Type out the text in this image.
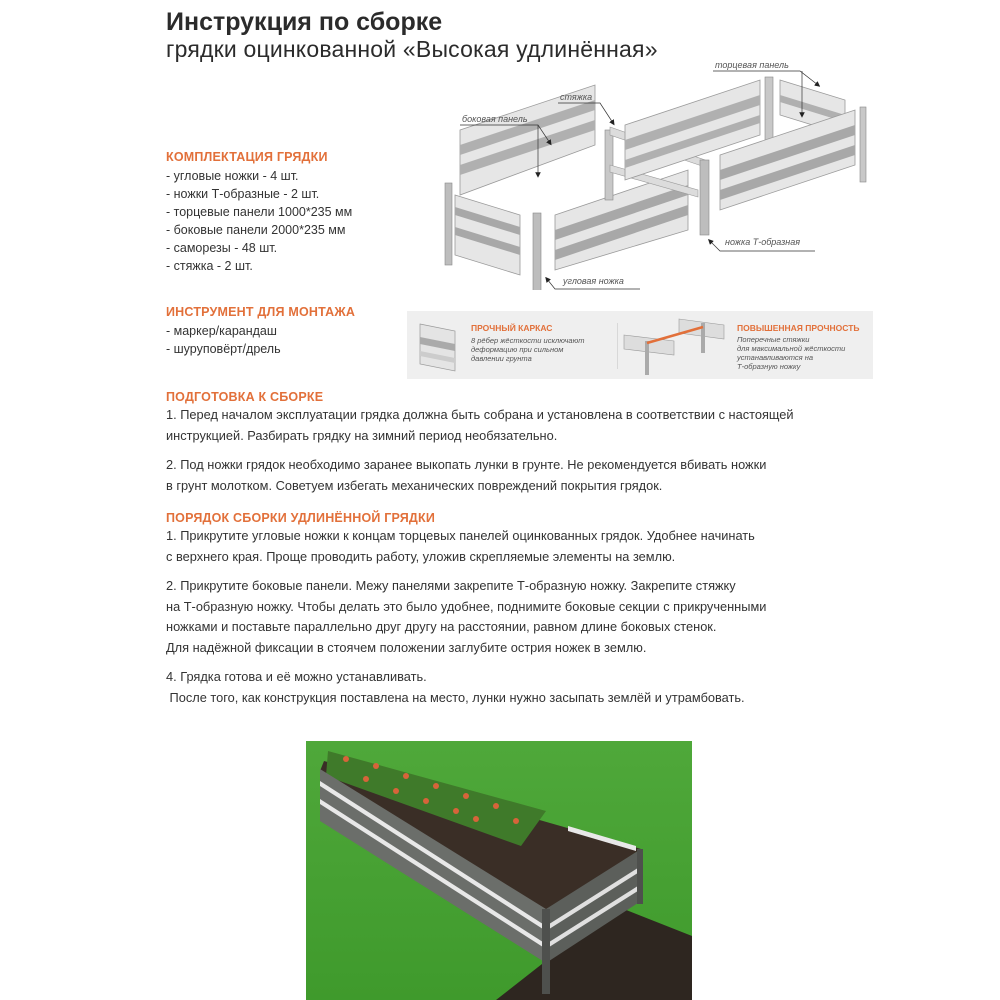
Инструкция по сборке
грядки оцинкованной «Высокая удлинённая»
КОМПЛЕКТАЦИЯ ГРЯДКИ
- угловые ножки - 4 шт.
- ножки Т-образные - 2 шт.
- торцевые панели 1000*235 мм
- боковые панели 2000*235 мм
- саморезы - 48 шт.
- стяжка - 2 шт.
ИНСТРУМЕНТ ДЛЯ МОНТАЖА
- маркер/карандаш
- шуруповёрт/дрель
торцевая панель
стяжка
боковая панель
ножка Т-образная
угловая ножка
ПРОЧНЫЙ КАРКАС
8 рёбер жёсткости исключают
деформацию при сильном
давлении грунта
ПОВЫШЕННАЯ ПРОЧНОСТЬ
Поперечные стяжки
для максимальной жёсткости
устанавливаются на
Т-образную ножку
ПОДГОТОВКА К СБОРКЕ

1. Перед началом эксплуатации грядка должна быть собрана и установлена в соответствии с настоящей
инструкцией. Разбирать грядку на зимний период необязательно.

2. Под ножки грядок необходимо заранее выкопать лунки в грунте. Не рекомендуется вбивать ножки
в грунт молотком. Советуем избегать механических повреждений покрытия грядок.

ПОРЯДОК СБОРКИ УДЛИНЁННОЙ ГРЯДКИ

1. Прикрутите угловые ножки к концам торцевых панелей оцинкованных грядок. Удобнее начинать
с верхнего края. Проще проводить работу, уложив скрепляемые элементы на землю.

2. Прикрутите боковые панели. Межу панелями закрепите Т-образную ножку. Закрепите стяжку
на Т-образную ножку. Чтобы делать это было удобнее, поднимите боковые секции с прикрученными
ножками и поставьте параллельно друг другу на расстоянии, равном длине боковых стенок.
Для надёжной фиксации в стоячем положении заглубите острия ножек в землю.

4. Грядка готова и её можно устанавливать.
После того, как конструкция поставлена на место, лунки нужно засыпать землёй и утрамбовать.
